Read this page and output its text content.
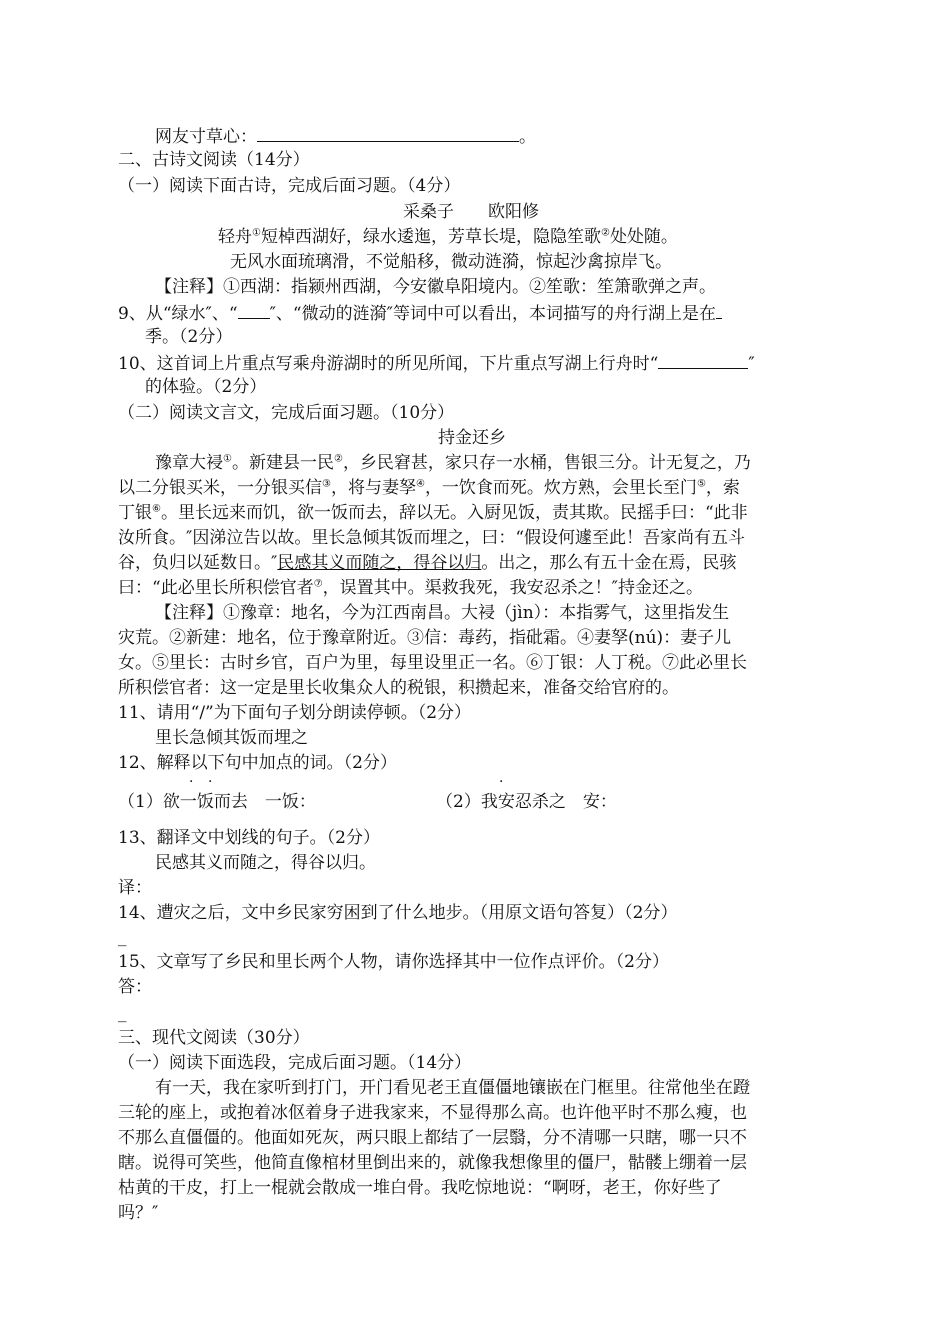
网友寸草心：	。
二、古诗文阅读（14分）
（一）阅读下面古诗，完成后面习题。（4分）
采桑子　　欧阳修
轻舟①短棹西湖好，绿水逶迤，芳草长堤，隐隐笙歌②处处随。
无风水面琉璃滑，不觉船移，微动涟漪，惊起沙禽掠岸飞。
【注释】①西湖：指颍州西湖，今安徽阜阳境内。②笙歌：笙箫歌弹之声。
9、从“绿水″、“ ″、“微动的涟漪″等词中可以看出，本词描写的舟行湖上是在
季。（2分）
10、这首词上片重点写乘舟游湖时的所见所闻，下片重点写湖上行舟时“	″
的体验。（2分）
（二）阅读文言文，完成后面习题。（10分）
持金还乡
豫章大祲①。新建县一民②，乡民窘甚，家只存一水桶，售银三分。计无复之，乃
以二分银买米，一分银买信③，将与妻孥④，一饮食而死。炊方熟，会里长至门⑤，索
丁银⑥。里长远来而饥，欲一饭而去，辞以无。入厨见饭，责其欺。民摇手曰：“此非
汝所食。″因涕泣告以故。里长急倾其饭而埋之，曰：“假设何遽至此！吾家尚有五斗
谷，负归以延数日。″民感其义而随之，得谷以归。出之，那么有五十金在焉，民骇
曰：“此必里长所积偿官者⑦，误置其中。渠救我死，我安忍杀之！″持金还之。
【注释】①豫章：地名，今为江西南昌。大祲（jìn）：本指雾气，这里指发生
灾荒。②新建：地名，位于豫章附近。③信：毒药，指砒霜。④妻孥(nú)：妻子儿
女。⑤里长：古时乡官，百户为里，每里设里正一名。⑥丁银：人丁税。⑦此必里长
所积偿官者：这一定是里长收集众人的税银，积攒起来，准备交给官府的。
11、请用“/”为下面句子划分朗读停顿。（2分）
里长急倾其饭而埋之
12、解释以下句中加点的词。（2分）
· ·	·
（1）欲一饭而去　一饭：	（2）我安忍杀之　安：
13、翻译文中划线的句子。（2分）
民感其义而随之，得谷以归。
译：
14、遭灾之后，文中乡民家穷困到了什么地步。（用原文语句答复）（2分）
_
15、文章写了乡民和里长两个人物，请你选择其中一位作点评价。（2分）
答：
_
三、现代文阅读（30分）
（一）阅读下面选段，完成后面习题。（14分）
有一天，我在家听到打门，开门看见老王直僵僵地镶嵌在门框里。往常他坐在蹬
三轮的座上，或抱着冰伛着身子进我家来，不显得那么高。也许他平时不那么瘦，也
不那么直僵僵的。他面如死灰，两只眼上都结了一层翳，分不清哪一只瞎，哪一只不
瞎。说得可笑些，他简直像棺材里倒出来的，就像我想像里的僵尸，骷髅上绷着一层
枯黄的干皮，打上一棍就会散成一堆白骨。我吃惊地说：“啊呀，老王，你好些了
吗？″
